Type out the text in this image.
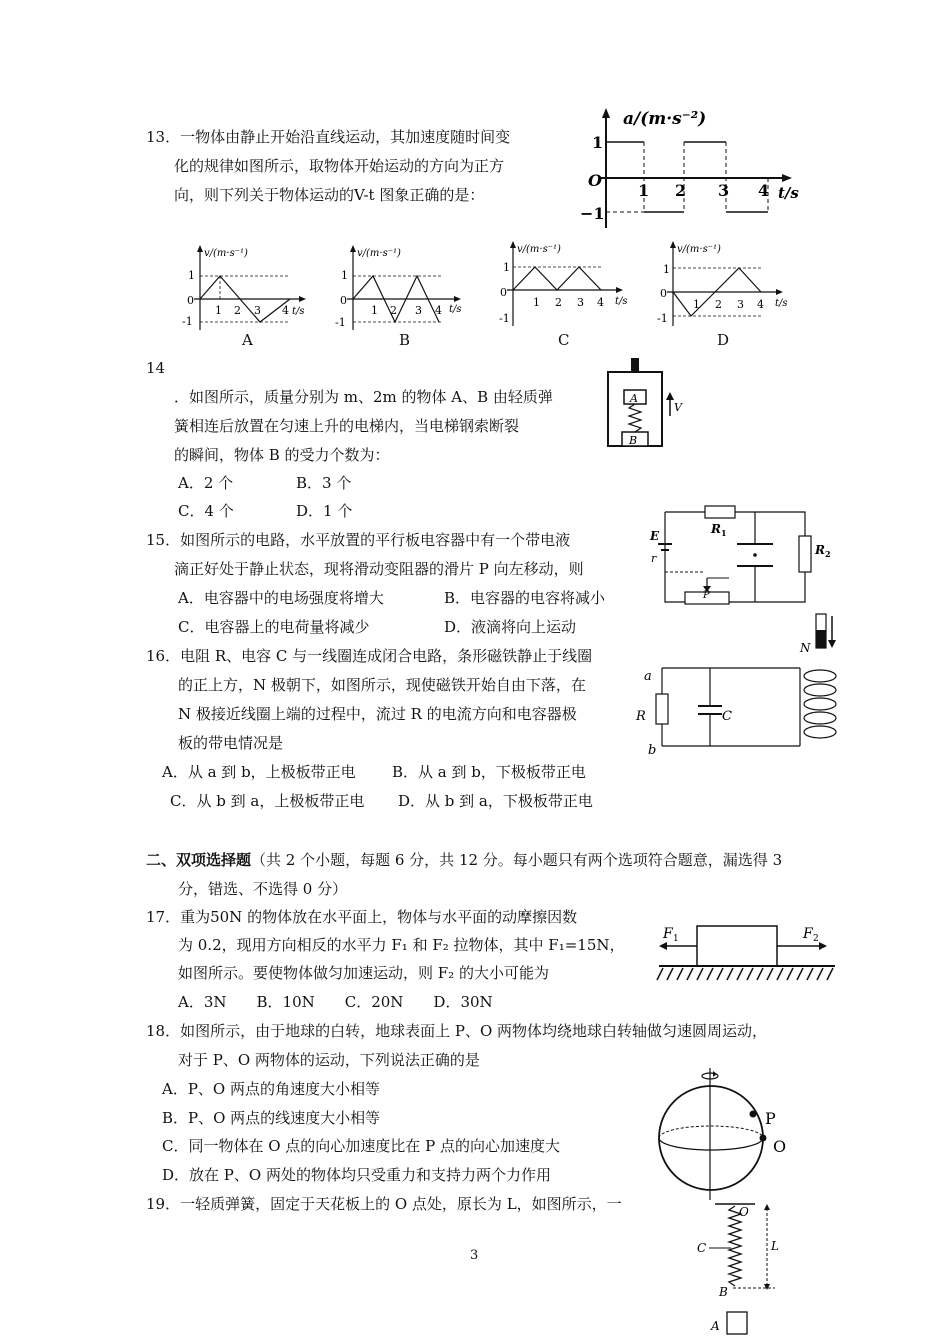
13．一物体由静止开始沿直线运动，其加速度随时间变
化的规律如图所示，取物体开始运动的方向为正方
向，则下列关于物体运动的V-t 图象正确的是：
a/(m·s⁻²)
t/s
1
O
−1
1 2 3 4
v/(m·s⁻¹)
t/s
1
0
-1
1 2 3 4
A
v/(m·s⁻¹)
t/s
1
0
-1
1 2 3 4
B
v/(m·s⁻¹)
t/s
1
0
-1
1 2 3 4
C
v/(m·s⁻¹)
t/s
1
0
-1
1 2 3 4
D
14
．如图所示，质量分别为 m、2m 的物体 A、B 由轻质弹
簧相连后放置在匀速上升的电梯内，当电梯钢索断裂
的瞬间，物体 B 的受力个数为：
A．2 个	B．3 个
C．4 个	D．1 个
A
B
V
15．如图所示的电路，水平放置的平行板电容器中有一个带电液
滴正好处于静止状态，现将滑动变阻器的滑片 P 向左移动，则
A．电容器中的电场强度将增大	B．电容器的电容将减小
C．电容器上的电荷量将减少	D．液滴将向上运动
R 1
R 2
E
r
P
16．电阻 R、电容 C 与一线圈连成闭合电路，条形磁铁静止于线圈
的正上方，N 极朝下，如图所示，现使磁铁开始自由下落，在
N 极接近线圈上端的过程中，流过 R 的电流方向和电容器极
板的带电情况是
A．从 a 到 b，上极板带正电 B．从 a 到 b，下极板带正电
C．从 b 到 a，上极板带正电 D．从 b 到 a，下极板带正电
N
a
R
b
C
二、双项选择题（共 2 个小题，每题 6 分，共 12 分。每小题只有两个选项符合题意，漏选得 3
分，错选、不选得 0 分）
17．重为50N 的物体放在水平面上，物体与水平面的动摩擦因数
为 0.2，现用方向相反的水平力 F₁ 和 F₂ 拉物体，其中 F₁=15N，
如图所示。要使物体做匀加速运动，则 F₂ 的大小可能为
A．3N　　B．10N　　C．20N　　D．30N
F 1	F 2
18．如图所示，由于地球的白转，地球表面上 P、O 两物体均绕地球白转轴做匀速圆周运动，
对于 P、O 两物体的运动，下列说法正确的是
A．P、O 两点的角速度大小相等
B．P、O 两点的线速度大小相等
C．同一物体在 O 点的向心加速度比在 P 点的向心加速度大
D．放在 P、O 两处的物体均只受重力和支持力两个力作用
P
O
19．一轻质弹簧，固定于天花板上的 O 点处，原长为 L，如图所示，一	O
C	L
B
A
3
